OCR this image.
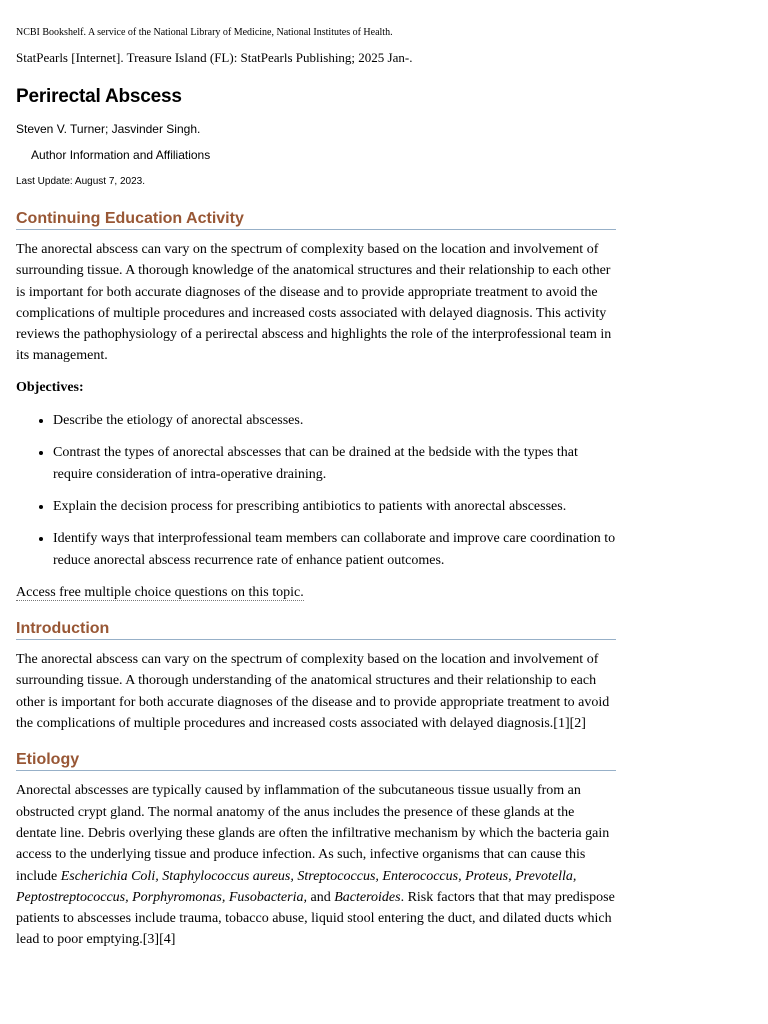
NCBI Bookshelf. A service of the National Library of Medicine, National Institutes of Health.
StatPearls [Internet]. Treasure Island (FL): StatPearls Publishing; 2025 Jan-.
Perirectal Abscess
Steven V. Turner; Jasvinder Singh.
Author Information and Affiliations
Last Update: August 7, 2023.
Continuing Education Activity

The anorectal abscess can vary on the spectrum of complexity based on the location and involvement of surrounding tissue. A thorough knowledge of the anatomical structures and their relationship to each other is important for both accurate diagnoses of the disease and to provide appropriate treatment to avoid the complications of multiple procedures and increased costs associated with delayed diagnosis. This activity reviews the pathophysiology of a perirectal abscess and highlights the role of the interprofessional team in its management.

Objectives:

• Describe the etiology of anorectal abscesses.
• Contrast the types of anorectal abscesses that can be drained at the bedside with the types that require consideration of intra-operative draining.
• Explain the decision process for prescribing antibiotics to patients with anorectal abscesses.
• Identify ways that interprofessional team members can collaborate and improve care coordination to reduce anorectal abscess recurrence rate of enhance patient outcomes.

Access free multiple choice questions on this topic.

Introduction

The anorectal abscess can vary on the spectrum of complexity based on the location and involvement of surrounding tissue. A thorough understanding of the anatomical structures and their relationship to each other is important for both accurate diagnoses of the disease and to provide appropriate treatment to avoid the complications of multiple procedures and increased costs associated with delayed diagnosis.[1][2]

Etiology

Anorectal abscesses are typically caused by inflammation of the subcutaneous tissue usually from an obstructed crypt gland. The normal anatomy of the anus includes the presence of these glands at the dentate line. Debris overlying these glands are often the infiltrative mechanism by which the bacteria gain access to the underlying tissue and produce infection. As such, infective organisms that can cause this include Escherichia Coli, Staphylococcus aureus, Streptococcus, Enterococcus, Proteus, Prevotella, Peptostreptococcus, Porphyromonas, Fusobacteria, and Bacteroides. Risk factors that that may predispose patients to abscesses include trauma, tobacco abuse, liquid stool entering the duct, and dilated ducts which lead to poor emptying.[3][4]
